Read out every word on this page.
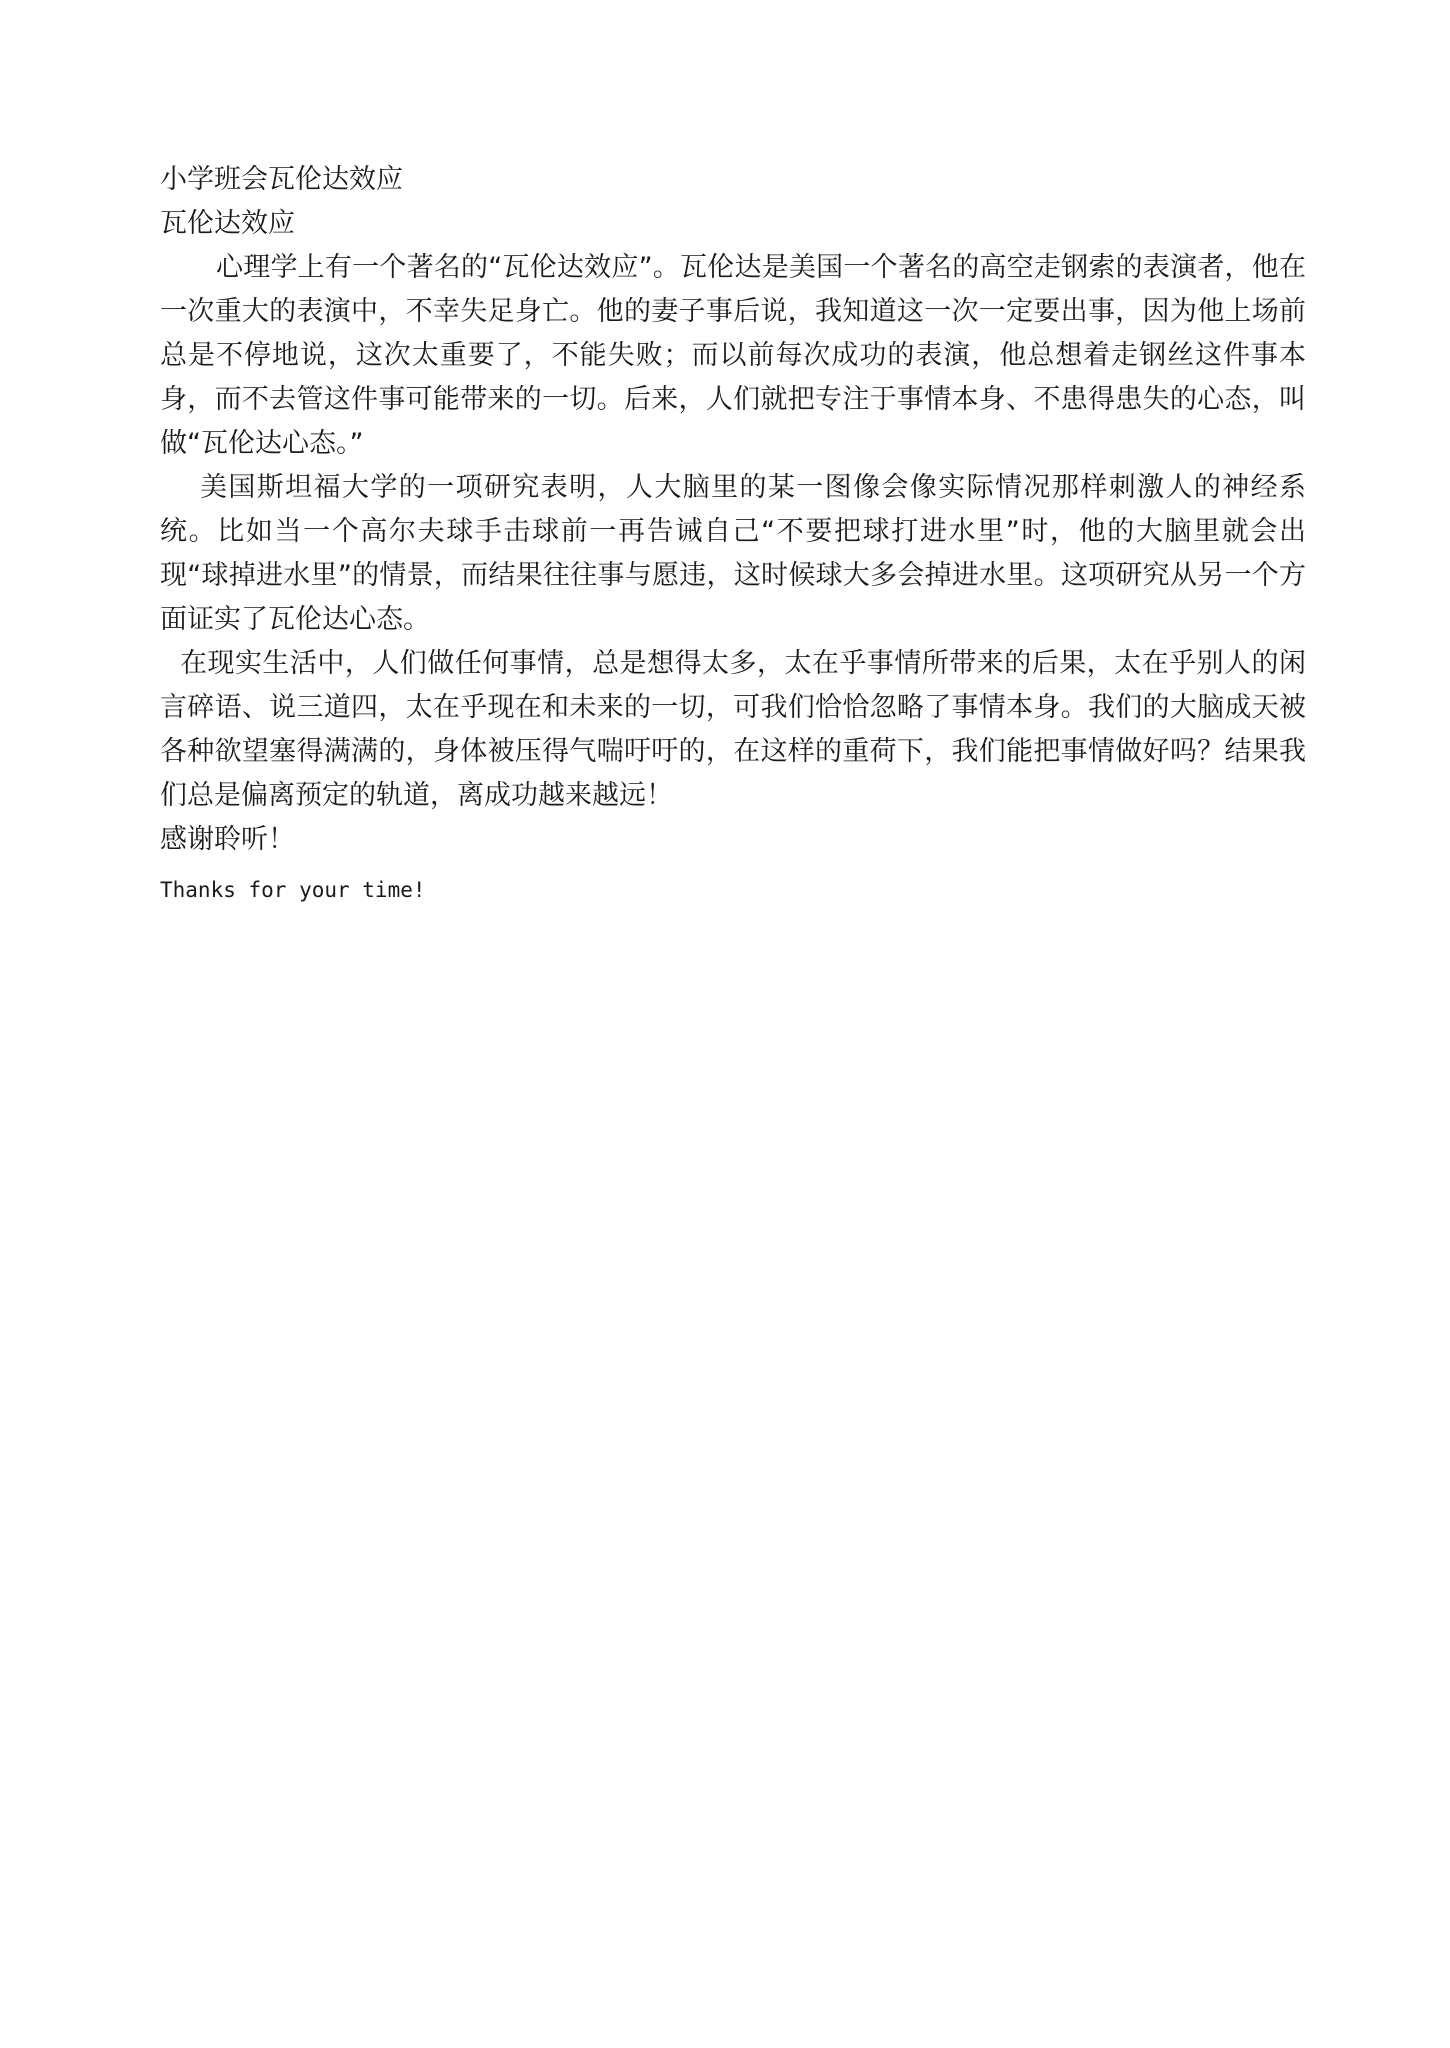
小学班会瓦伦达效应

瓦伦达效应

心理学上有一个著名的“瓦伦达效应”。瓦伦达是美国一个著名的高空走钢索的表演者，他在一次重大的表演中，不幸失足身亡。他的妻子事后说，我知道这一次一定要出事，因为他上场前总是不停地说，这次太重要了，不能失败；而以前每次成功的表演，他总想着走钢丝这件事本身，而不去管这件事可能带来的一切。后来，人们就把专注于事情本身、不患得患失的心态，叫做“瓦伦达心态。”

美国斯坦福大学的一项研究表明，人大脑里的某一图像会像实际情况那样刺激人的神经系统。比如当一个高尔夫球手击球前一再告诫自己“不要把球打进水里”时，他的大脑里就会出现“球掉进水里”的情景，而结果往往事与愿违，这时候球大多会掉进水里。这项研究从另一个方面证实了瓦伦达心态。

在现实生活中，人们做任何事情，总是想得太多，太在乎事情所带来的后果，太在乎别人的闲言碎语、说三道四，太在乎现在和未来的一切，可我们恰恰忽略了事情本身。我们的大脑成天被各种欲望塞得满满的，身体被压得气喘吁吁的，在这样的重荷下，我们能把事情做好吗？结果我们总是偏离预定的轨道，离成功越来越远！

感谢聆听！

Thanks for your time!
